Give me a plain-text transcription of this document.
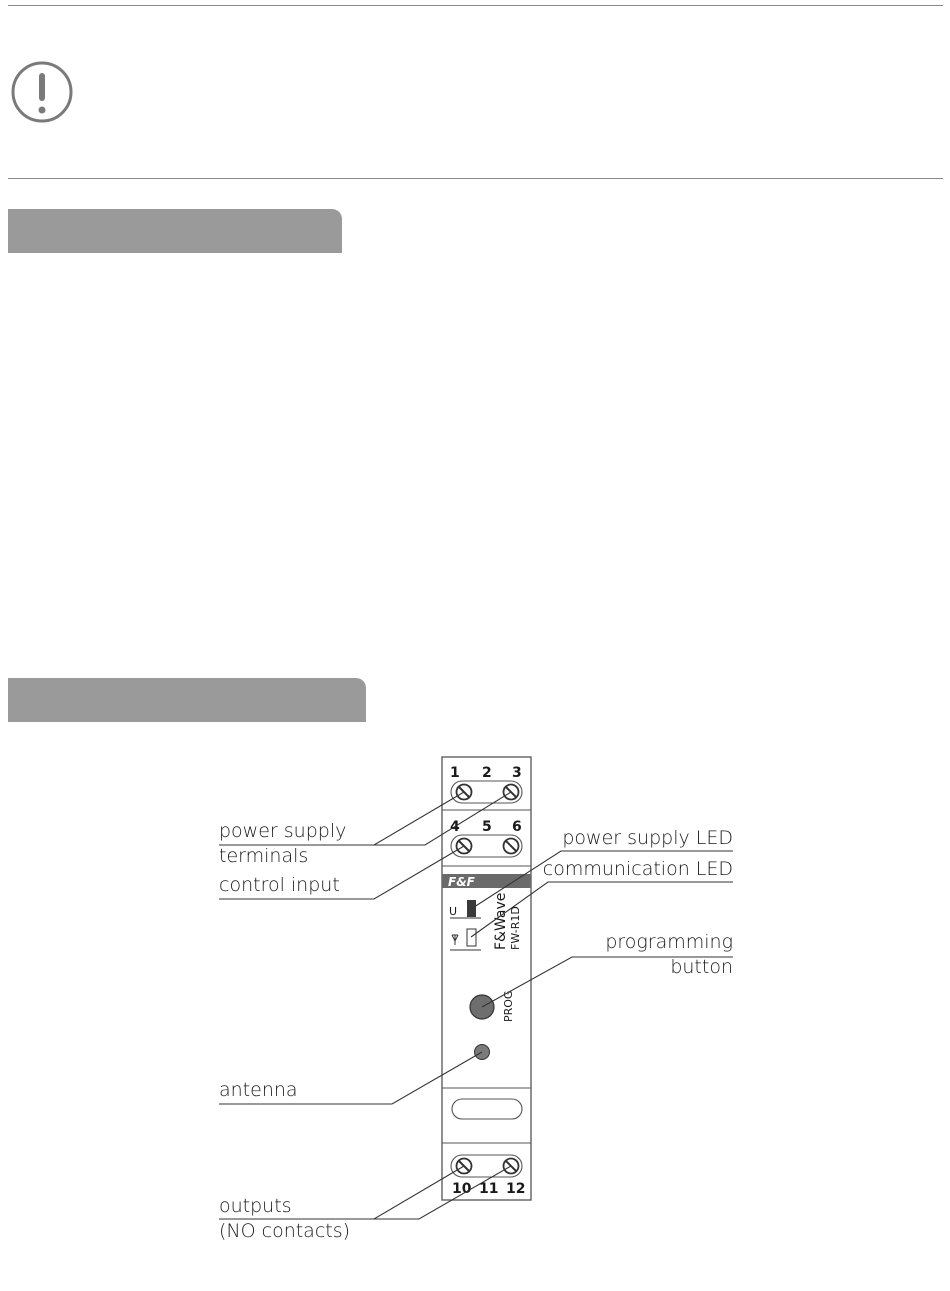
1 2 3
4 5 6
F&F
U	F&Wave FW-R1D
PROG
10 11 12
power supply
terminals
control input
power supply LED
communication LED
programming
button
antenna
outputs
(NO contacts)
